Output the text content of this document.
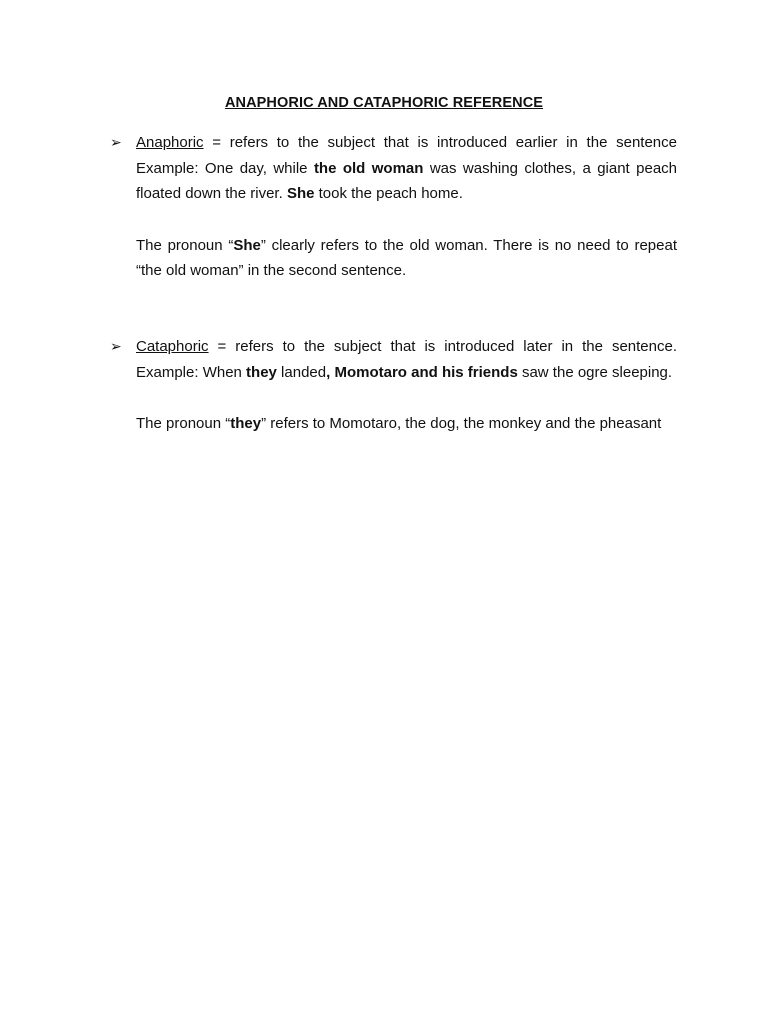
ANAPHORIC AND CATAPHORIC REFERENCE
➢ Anaphoric = refers to the subject that is introduced earlier in the sentence Example: One day, while the old woman was washing clothes, a giant peach floated down the river. She took the peach home.

The pronoun “She” clearly refers to the old woman. There is no need to repeat “the old woman” in the second sentence.

➢ Cataphoric = refers to the subject that is introduced later in the sentence. Example: When they landed, Momotaro and his friends saw the ogre sleeping.

The pronoun “they” refers to Momotaro, the dog, the monkey and the pheasant
